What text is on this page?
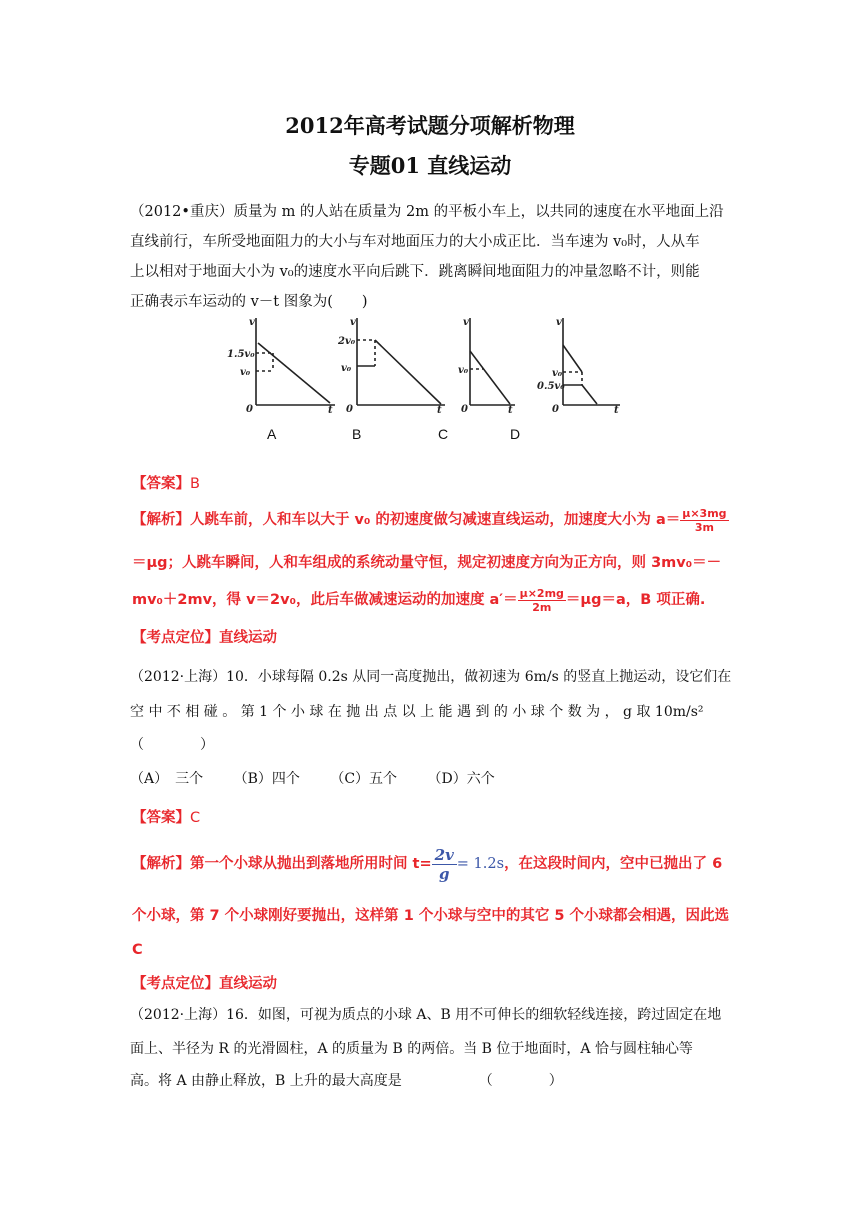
2012年高考试题分项解析物理
专题01 直线运动
（2012•重庆）质量为 m 的人站在质量为 2m 的平板小车上，以共同的速度在水平地面上沿
直线前行，车所受地面阻力的大小与车对地面压力的大小成正比．当车速为 v₀时，人从车
上以相对于地面大小为 v₀的速度水平向后跳下．跳离瞬间地面阻力的冲量忽略不计，则能
正确表示车运动的 v－t 图象为(　　)
v
t
1.5v₀
v₀
0
v
t
2v₀
v₀
0
v
t
v₀
0
v
t
v₀
0.5v₀
0
A	B	C	D
【答案】B
【解析】人跳车前，人和车以大于 v₀ 的初速度做匀减速直线运动，加速度大小为 $a= \frac{\mu\times 3mg}{3m}$
＝μg；人跳车瞬间，人和车组成的系统动量守恒，规定初速度方向为正方向，则 3mv₀＝－
mv₀＋2mv，得 v＝2v₀，此后车做减速运动的加速度 $a'= \frac{\mu\times 2mg}{2m} =\mu g=a$，B 项正确.
【考点定位】直线运动
（2012·上海）10．小球每隔 0.2s 从同一高度抛出，做初速为 6m/s 的竖直上抛运动，设它们在
空 中 不 相 碰 。 第 1 个 小 球 在 抛 出 点 以 上 能 遇 到 的 小 球 个 数 为 ， g 取 10m/s²
（　　　　）
（A）　三个 （B）四个 （C）五个 （D）六个
【答案】C
【解析】第一个小球从抛出到落地所用时间 $t= \frac{2v}{g} = 1.2s$，在这段时间内，空中已抛出了 6
个小球，第 7 个小球刚好要抛出，这样第 1 个小球与空中的其它 5 个小球都会相遇，因此选
C
【考点定位】直线运动
（2012·上海）16．如图，可视为质点的小球 A、B 用不可伸长的细软轻线连接，跨过固定在地
面上、半径为 R 的光滑圆柱，A 的质量为 B 的两倍。当 B 位于地面时，A 恰与圆柱轴心等
高。将 A 由静止释放，B 上升的最大高度是　　　　　　（　　　　）
